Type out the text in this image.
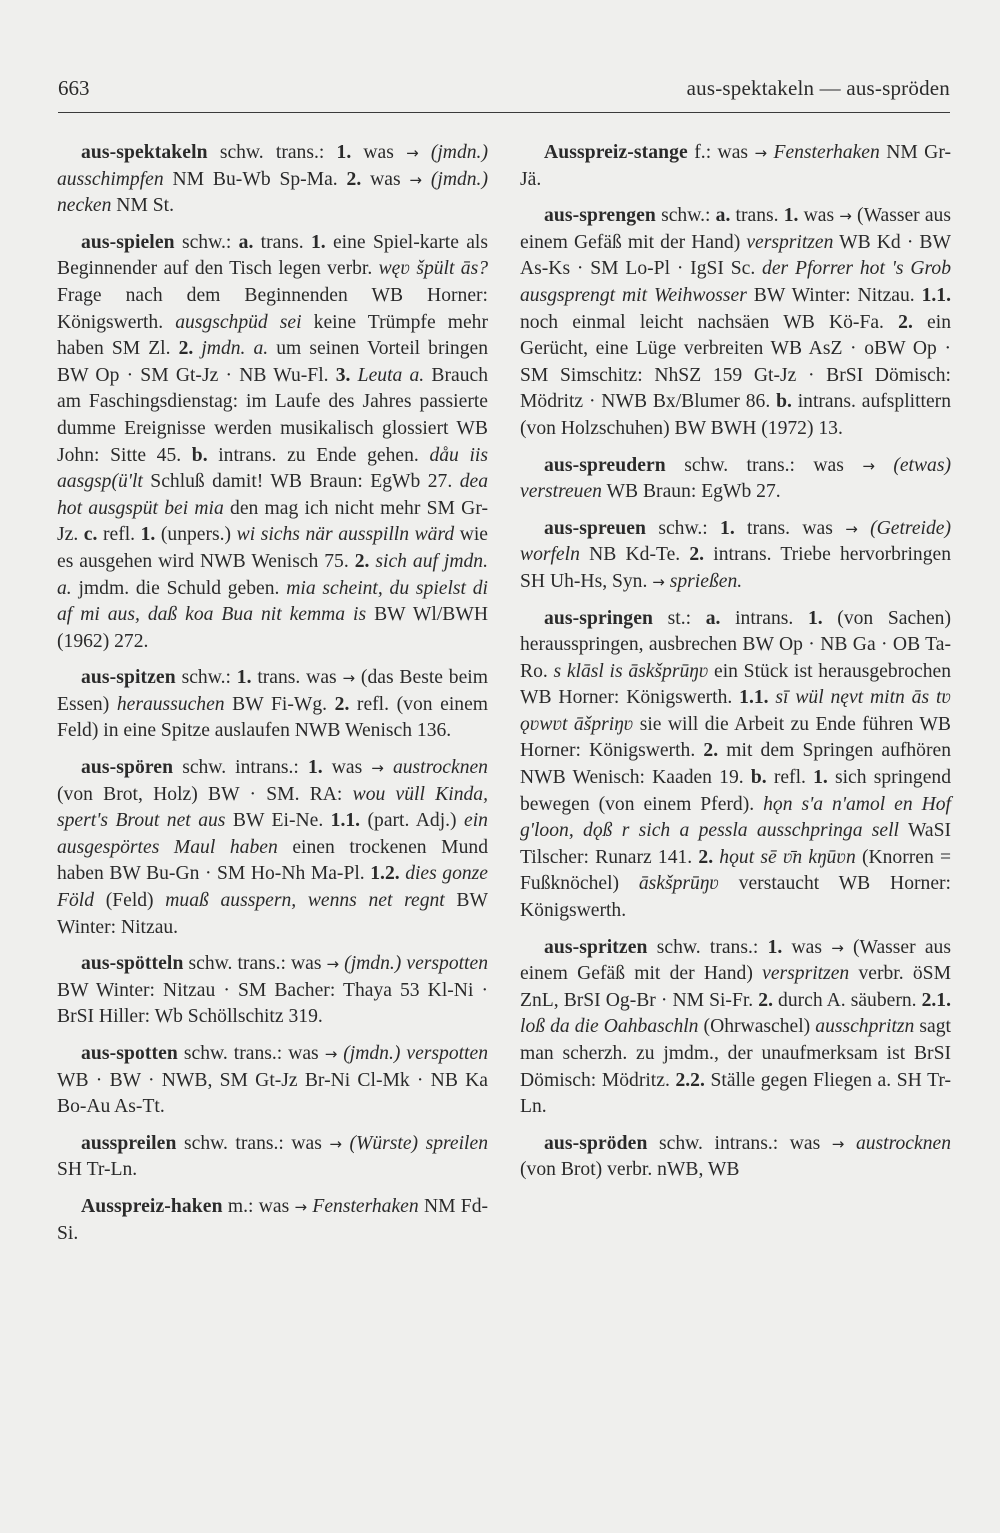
663	aus-spektakeln — aus-spröden

aus-spektakeln schw. trans.: 1. was → (jmdn.) ausschimpfen NM Bu-Wb Sp-Ma. 2. was → (jmdn.) necken NM St.

aus-spielen schw.: a. trans. 1. eine Spiel-karte als Beginnender auf den Tisch legen verbr. węʋ špült ās? Frage nach dem Beginnenden WB Horner: Königswerth. ausgschpüd sei keine Trümpfe mehr haben SM Zl. 2. jmdn. a. um seinen Vorteil bringen BW Op · SM Gt-Jz · NB Wu-Fl. 3. Leuta a. Brauch am Faschingsdienstag: im Laufe des Jahres passierte dumme Ereignisse werden musikalisch glossiert WB John: Sitte 45. b. intrans. zu Ende gehen. dåu iis aasgsp(ü'lt Schluß damit! WB Braun: EgWb 27. dea hot ausgspüt bei mia den mag ich nicht mehr SM Gr-Jz. c. refl. 1. (unpers.) wi sichs när ausspilln wärd wie es ausgehen wird NWB Wenisch 75. 2. sich auf jmdn. a. jmdm. die Schuld geben. mia scheint, du spielst di af mi aus, daß koa Bua nit kemma is BW Wl/BWH (1962) 272.

aus-spitzen schw.: 1. trans. was → (das Beste beim Essen) heraussuchen BW Fi-Wg. 2. refl. (von einem Feld) in eine Spitze auslaufen NWB Wenisch 136.

aus-spören schw. intrans.: 1. was → austrocknen (von Brot, Holz) BW · SM. RA: wou vüll Kinda, spert's Brout net aus BW Ei-Ne. 1.1. (part. Adj.) ein ausgespörtes Maul haben einen trockenen Mund haben BW Bu-Gn · SM Ho-Nh Ma-Pl. 1.2. dies gonze Föld (Feld) muaß ausspern, wenns net regnt BW Winter: Nitzau.

aus-spötteln schw. trans.: was → (jmdn.) verspotten BW Winter: Nitzau · SM Bacher: Thaya 53 Kl-Ni · BrSI Hiller: Wb Schöllschitz 319.

aus-spotten schw. trans.: was → (jmdn.) verspotten WB · BW · NWB, SM Gt-Jz Br-Ni Cl-Mk · NB Ka Bo-Au As-Tt.

ausspreilen schw. trans.: was → (Würste) spreilen SH Tr-Ln.

Ausspreiz-haken m.: was → Fensterhaken NM Fd-Si.

Ausspreiz-stange f.: was → Fensterhaken NM Gr-Jä.

aus-sprengen schw.: a. trans. 1. was → (Wasser aus einem Gefäß mit der Hand) verspritzen WB Kd · BW As-Ks · SM Lo-Pl · IgSI Sc. der Pforrer hot 's Grob ausgsprengt mit Weihwosser BW Winter: Nitzau. 1.1. noch einmal leicht nachsäen WB Kö-Fa. 2. ein Gerücht, eine Lüge verbreiten WB AsZ · oBW Op · SM Simschitz: NhSZ 159 Gt-Jz · BrSI Dömisch: Mödritz · NWB Bx/Blumer 86. b. intrans. aufsplittern (von Holzschuhen) BW BWH (1972) 13.

aus-spreudern schw. trans.: was → (etwas) verstreuen WB Braun: EgWb 27.

aus-spreuen schw.: 1. trans. was → (Getreide) worfeln NB Kd-Te. 2. intrans. Triebe hervorbringen SH Uh-Hs, Syn. → sprießen.

aus-springen st.: a. intrans. 1. (von Sachen) herausspringen, ausbrechen BW Op · NB Ga · OB Ta-Ro. s klāsl is āskšprūŋʋ ein Stück ist herausgebrochen WB Horner: Königswerth. 1.1. sī wül nęvt mitn ās tʋ ǫʋwʋt āšpriŋʋ sie will die Arbeit zu Ende führen WB Horner: Königswerth. 2. mit dem Springen aufhören NWB Wenisch: Kaaden 19. b. refl. 1. sich springend bewegen (von einem Pferd). hǫn s'a n'amol en Hof g'loon, dǫß r sich a pessla ausschpringa sell WaSI Tilscher: Runarz 141. 2. hǫut sē ʋ̄n kŋūʋn (Knorren = Fußknöchel) āskšprūŋʋ verstaucht WB Horner: Königswerth.

aus-spritzen schw. trans.: 1. was → (Wasser aus einem Gefäß mit der Hand) verspritzen verbr. öSM ZnL, BrSI Og-Br · NM Si-Fr. 2. durch A. säubern. 2.1. loß da die Oahbaschln (Ohrwaschel) ausschpritzn sagt man scherzh. zu jmdm., der unaufmerksam ist BrSI Dömisch: Mödritz. 2.2. Ställe gegen Fliegen a. SH Tr-Ln.

aus-spröden schw. intrans.: was → austrocknen (von Brot) verbr. nWB, WB
